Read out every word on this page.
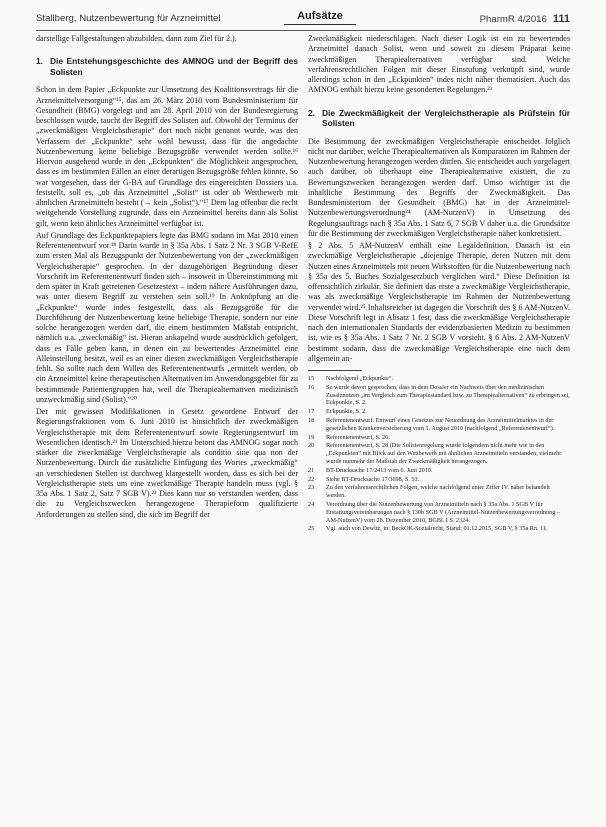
Stallberg, Nutzenbewertung für Arzneimittel	Aufsätze	PharmR 4/2016 111

darstellige Fallgestaltungen abzubilden, dann zum Ziel für 2.).

1. Die Entstehungsgeschichte des AMNOG und der Begriff des Solisten

Schon in dem Papier „Eckpunkte zur Umsetzung des Koalitionsvertrags für die Arzneimittelversorgung“¹⁵, das am 26. März 2010 vom Bundesministerium für Gesundheit (BMG) vorgelegt und am 28. April 2010 von der Bundesregierung beschlossen wurde, taucht der Begriff des Solisten auf. Obwohl der Terminus der „zweckmäßigen Vergleichstherapie“ dort noch nicht genannt wurde, was den Verfassern der „Eckpunkte“ sehr wohl bewusst, dass für die angedachte Nutzenbewertung keine beliebige Bezugsgröße verwendet werden sollte.¹⁶ Hiervon ausgehend wurde in den „Eckpunkten“ die Möglichkeit angesprochen, dass es im bestimmten Fällen an einer derartigen Bezugsgröße fehlen könnte. So war vorgesehen, dass der G-BA auf Grundlage des eingereichten Dossiers u.a. feststellt, soll es, „ob das Arzneimittel „Solist“ ist oder ob Wettbewerb mit ähnlichen Arzneimitteln besteht (→ kein „Solist“).“¹⁷ Dem lag offenbar die recht weitgehende Vorstellung zugrunde, dass ein Arzneimittel bereits dann als Solist gilt, wenn kein ähnliches Arzneimittel verfügbar ist.

Auf Grundlage des Eckpunktepapiers legte das BMG sodann im Mai 2010 einen Referentenentwurf vor.¹⁸ Darin wurde in § 35a Abs. 1 Satz 2 Nr. 3 SGB V-RefE zum ersten Mal als Bezugspunkt der Nutzenbewertung von der „zweckmäßigen Vergleichstherapie“ gesprochen. In der dazugehörigen Begründung dieser Vorschrift im Referentenentwurf finden sich – insoweit in Übereinstimmung mit dem später in Kraft getretenen Gesetzestext – indem nähere Ausführungen dazu, was unter diesem Begriff zu verstehen sein soll.¹⁹ In Anknüpfung an die „Eckpunkte“ wurde indes festgestellt, dass als Bezugsgröße für die Durchführung der Nutzenbewertung keine beliebige Therapie, sondern nur eine solche herangezogen werden darf, die einem bestimmten Maßstab entspricht, nämlich u.a. „zweckmäßig“ ist. Hieran ankapelnd wurde ausdrücklich gefolgert, dass es Fälle geben kann, in denen ein zu bewertendes Arzneimittel eine Alleinstellung besitzt, weil es an einer diesen zweckmäßigen Vergleichstherapie fehlt. So sollte nach dem Willen des Referentenentwurfs „ermittelt werden, ob ein Arzneimittel keine therapeutischen Alternativen im Anwendungsgebiet für zu bestimmende Patientengruppen hat, weil die Therapiealternativen medizinisch unzweckmäßig sind (Solist).“²⁰

Der mit gewissen Modifikationen in Gesetz gewordene Entwurf der Regierungsfraktionen vom 6. Juni 2010 ist hinsichtlich der zweckmäßigen Vergleichstherapie mit dem Referentenentwurf sowie Regierungsentwurf im Wesentlichen identisch.²¹ Im Unterschied hierzu betont das AMNOG sogar noch stärker die zweckmäßige Vergleichstherapie als conditio sine qua non der Nutzenbewertung. Durch die zusätzliche Einfügung des Wortes „zweckmäßig“ an verschiedenen Stellen ist durchweg klargestellt worden, dass es sich bei der Vergleichstherapie stets um eine zweckmäßige Therapie handeln muss (vgl. § 35a Abs. 1 Satz 2, Satz 7 SGB V).²² Dies kann nur so verstanden werden, dass die zu Vergleichszwecken herangezogene Therapieform qualifizierte Anforderungen zu stellen sind, die sich im Begriff der

Zweckmäßigkeit niederschlagen. Nach dieser Logik ist ein zu bewertendes Arzneimittel danach Solist, wenn und soweit zu diesem Präparat keine zweckmäßigen Therapiealternativen verfügbar sind. Welche verfahrensrechtlichen Folgen mit dieser Einstufung verknüpft sind, wurde allerdings schon in den „Eckpunkten“ indes nicht näher thematisiert. Auch das AMNOG enthält hierzu keine gesonderten Regelungen.²³

2. Die Zweckmäßigkeit der Vergleichstherapie als Prüfstein für Solisten

Die Bestimmung der zweckmäßigen Vergleichstherapie entscheidet folglich nicht nur darüber, welche Therapiealternativen als Komparatoren im Rahmen der Nutzenbewertung herangezogen werden dürfen. Sie entscheidet auch vorgelagert auch darüber, ob überhaupt eine Therapiealternative existiert, die zu Bewertungszwecken herangezogen werden darf. Umso wichtiger ist die inhaltliche Bestimmung des Begriffs der Zweckmäßigkeit. Das Bundesministerium der Gesundheit (BMG) hat in der Arzneimittel-Nutzenbewertungsverordnung²⁴ (AM-NutzenV) in Umsetzung des Regelungsauftrags nach § 35a Abs. 1 Satz 6, 7 SGB V daher u.a. die Grundsätze für die Bestimmung der zweckmäßigen Vergleichstherapie näher konkretisiert.

§ 2 Abs. 5 AM-NutzenV enthält eine Legaldefinition. Danach ist ein zweckmäßige Vergleichstherapie „diejenige Therapie, deren Nutzen mit dem Nutzen eines Arzneimittels mit neuen Wirkstoffen für die Nutzenbewertung nach § 35a des 5. Buches Sozialgesetzbuch verglichen wird.“ Diese Definition ist offensichtlich zirkulär. Sie definiert das erste a zweckmäßige Vergleichstherapie, was als zweckmäßige Vergleichstherapie im Rahmen der Nutzenbewertung verwendet wird.²⁵ Inhaltsreicher ist dagegen die Vorschrift des § 6 AM-NutzenV. Diese Vorschrift legt in Absatz 1 fest, dass die zweckmäßige Vergleichstherapie nach den internationalen Standards der evidenzbasierten Medizin zu bestimmen ist, wie es § 35a Abs. 1 Satz 7 Nr. 2 SGB V vorsieht. § 6 Abs. 2 AM-NutzenV bestimmt sodann, dass die zweckmäßige Vergleichstherapie eine nach dem allgemein an-

15 Nachfolgend „Eckpunkte“.
16 So wurde davon gesprochen, dass in dem Dossier ein Nachweis über den medizinischen Zusatznutzen „im Vergleich zum Therapiestandard bzw. zu Therapiealternativen“ zu erbringen sei, Eckpunkte, S. 2.
17 Eckpunkte, S. 2.
18 Referentenentwurf: Entwurf eines Gesetzes zur Neuordnung des Arzneimittelmarktes in der gesetzlichen Krankenversicherung vom 1. August 2010 (nachfolgend „Referentenentwurf“).
19 Referentenentwurf, S. 26.
20 Referentenentwurf, S. 28 (Die Solistenregelung wurde folgendem nicht mehr wie in den „Eckpunkten“ mit Blick auf den Wettbewerb mit ähnlichen Arzneimitteln verstanden, vielmehr wurde nunmehr der Maßstab der Zweckmäßigkeit herangezogen.
21 BT-Drucksache 17/2413 vom 6. Juni 2010.
22 Siehe BT-Drucksache 17/3698, S. 53.
23 Zu den verfahrensrechtlichen Folgen, welche nachfolgend unter Ziffer IV. näher behandelt werden.
24 Verordnung über die Nutzenbewertung von Arzneimitteln nach § 35a Abs. 1 SGB V für Erstattungsvereinbarungen nach § 130b SGB V (Arzneimittel-Nutzenbewertungsverordnung – AM-NutzenV) vom 28. Dezember 2010, BGBl. I S. 2324.
25 Vgl. auch von Dewitz, in: BeckOK-Sozialrecht, Stand: 01.12.2015, SGB V, § 35a Rn. 11.
